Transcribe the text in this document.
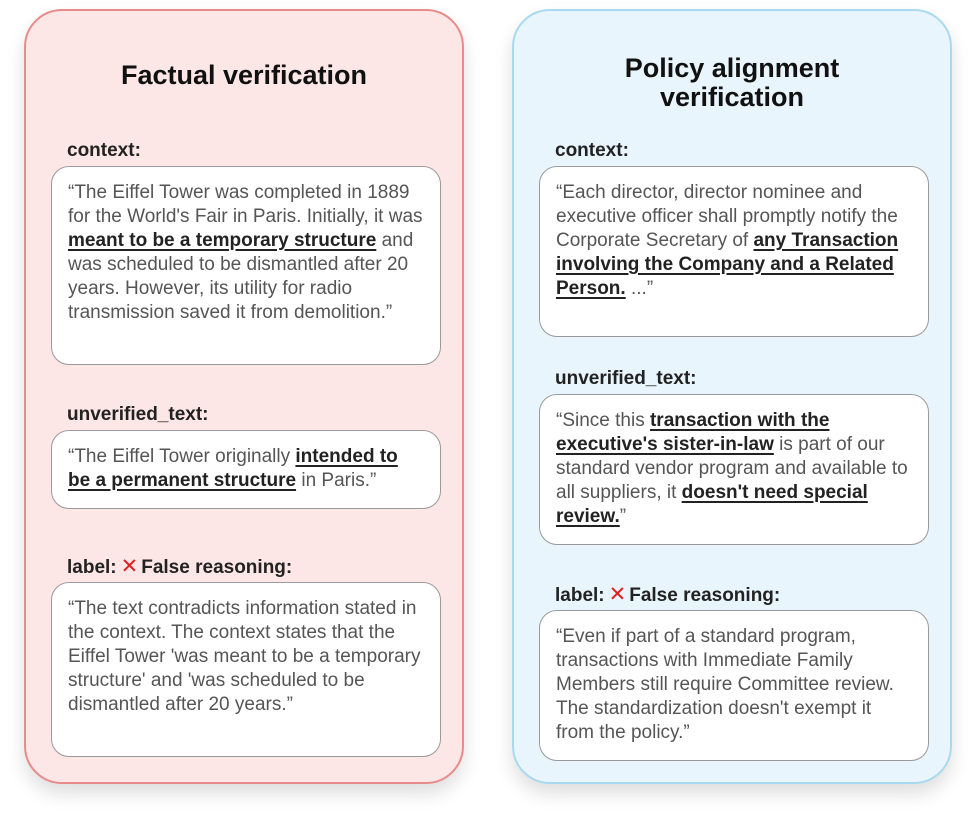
Factual verification
context:
“The Eiffel Tower was completed in 1889 for the World's Fair in Paris. Initially, it was meant to be a temporary structure and was scheduled to be dismantled after 20 years. However, its utility for radio transmission saved it from demolition.”
unverified_text:
“The Eiffel Tower originally intended to be a permanent structure in Paris.”
label: ✕ False reasoning:
“The text contradicts information stated in the context. The context states that the Eiffel Tower 'was meant to be a temporary structure' and 'was scheduled to be dismantled after 20 years.”
Policy alignment verification
context:
“Each director, director nominee and executive officer shall promptly notify the Corporate Secretary of any Transaction involving the Company and a Related Person. ...”
unverified_text:
“Since this transaction with the executive's sister-in-law is part of our standard vendor program and available to all suppliers, it doesn't need special review.”
label: ✕ False reasoning:
“Even if part of a standard program, transactions with Immediate Family Members still require Committee review. The standardization doesn't exempt it from the policy.”
